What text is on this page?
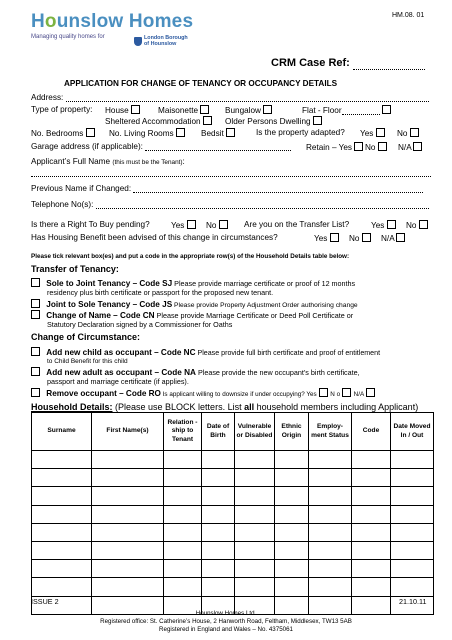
Hounslow Homes
Managing quality homes for	London Borough
of Hounslow
HM.08. 01
CRM Case Ref:
APPLICATION FOR CHANGE OF TENANCY OR OCCUPANCY DETAILS
Address:
Type of property: House	Maisonette	Bungalow	Flat - Floor
Sheltered Accommodation	Older Persons Dwelling
No. Bedrooms	No. Living Rooms	Bedsit	Is the property adapted? Yes	No
Garage address (if applicable):	Retain – Yes	No	N/A
Applicant’s Full Name (this must be the Tenant):
Previous Name if Changed:
Telephone No(s):
Is there a Right To Buy pending?	Yes	No	Are you on the Transfer List?	Yes	No
Has Housing Benefit been advised of this change in circumstances?	Yes	No	N/A
Please tick relevant box(es) and put a code in the appropriate row(s) of the Household Details table below:
Transfer of Tenancy:
Sole to Joint Tenancy – Code SJ Please provide marriage certificate or proof of 12 months
residency plus birth certificate or passport for the proposed new tenant.
Joint to Sole Tenancy – Code JS Please provide Property Adjustment Order authorising change
Change of Name – Code CN Please provide Marriage Certificate or Deed Poll Certificate or
Statutory Declaration signed by a Commissioner for Oaths
Change of Circumstance:
Add new child as occupant – Code NC Please provide full birth certificate and proof of entitlement
to Child Benefit for this child
Add new adult as occupant – Code NA Please provide the new occupant’s birth certificate,
passport and marriage certificate (if applies).
Remove occupant – Code RO Is applicant willing to downsize if under occupying? Yes N o N/A
Household Details: (Please use BLOCK letters. List all household members including Applicant)
Surname	First Name(s)	Relation -ship to Tenant	Date of Birth	Vulnerable or Disabled	Ethnic Origin	Employ- ment Status	Code	Date Moved In / Out

ISSUE 2	21.10.11
Hounslow Homes Ltd.
Registered office: St. Catherine’s House, 2 Hanworth Road, Feltham, Middlesex, TW13 5AB
Registered in England and Wales – No. 4375061
